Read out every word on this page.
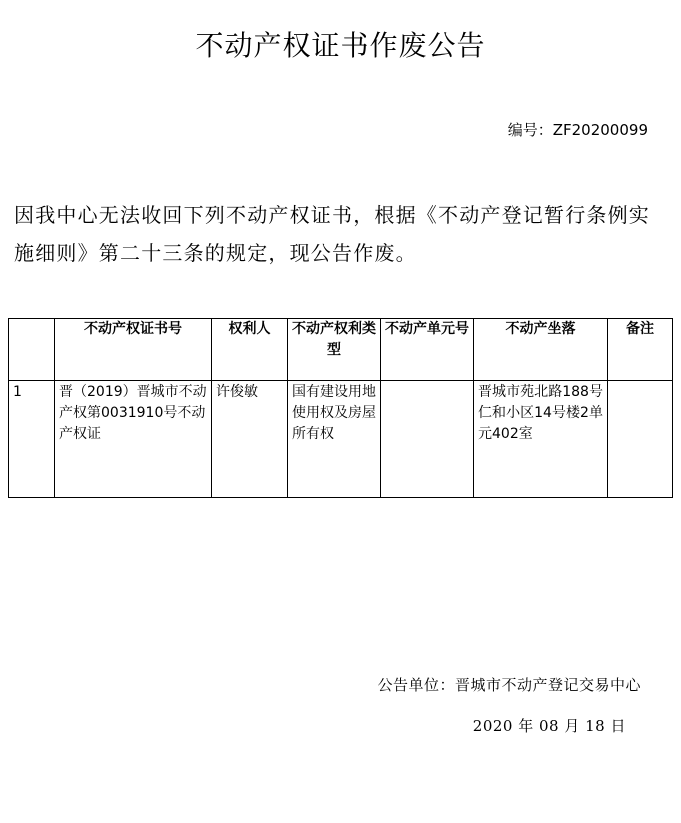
不动产权证书作废公告
编号：ZF20200099
因我中心无法收回下列不动产权证书，根据《不动产登记暂行条例实施细则》第二十三条的规定，现公告作废。
	不动产权证书号	权利人	不动产权利类型	不动产单元号	不动产坐落	备注
1	晋（2019）晋城市不动产权第0031910号不动产权证	许俊敏	国有建设用地使用权及房屋所有权		晋城市苑北路188号仁和小区14号楼2单元402室	
公告单位：晋城市不动产登记交易中心
2020 年 08 月 18 日
